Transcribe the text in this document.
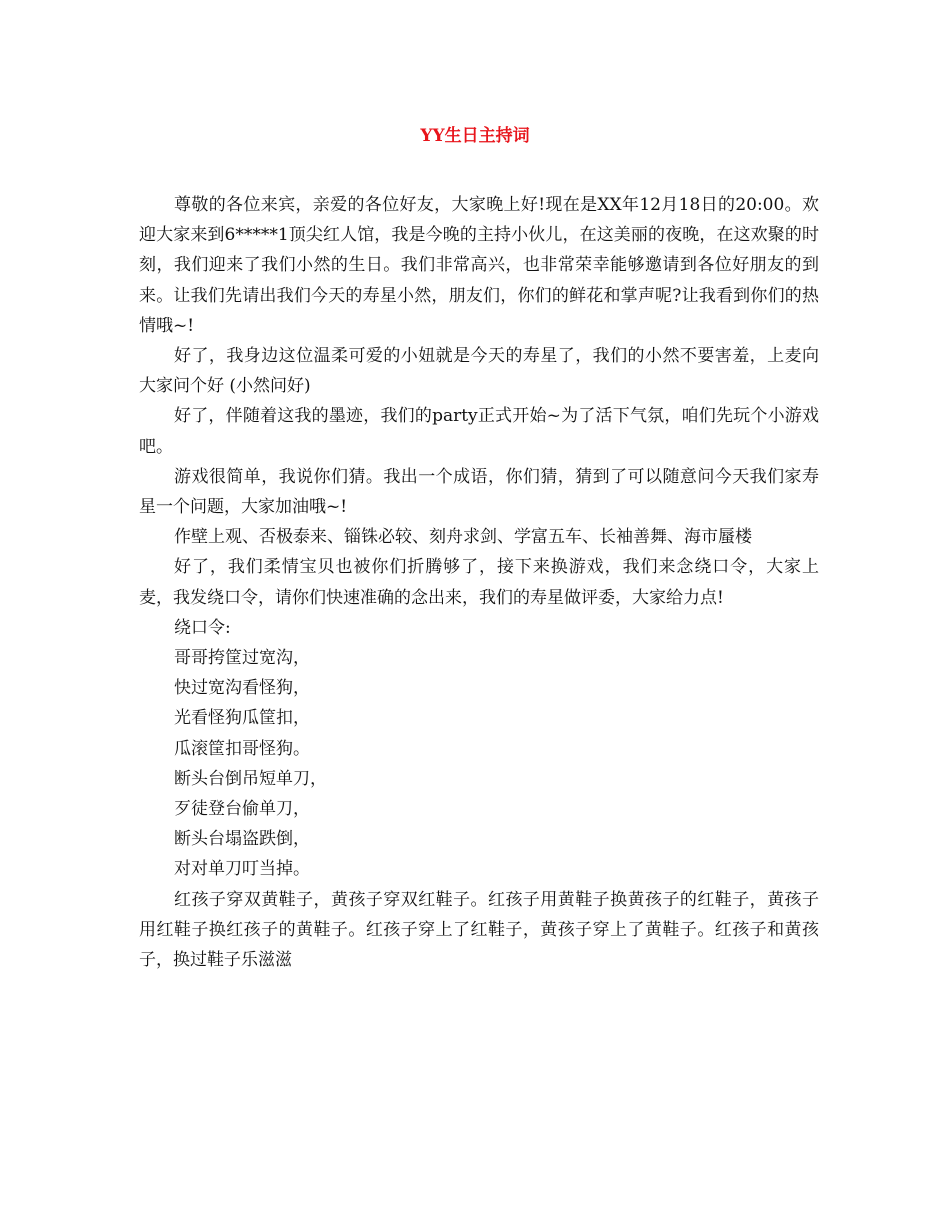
YY生日主持词

尊敬的各位来宾，亲爱的各位好友，大家晚上好!现在是XX年12月18日的20:00。欢迎大家来到6*****1顶尖红人馆，我是今晚的主持小伙儿，在这美丽的夜晚，在这欢聚的时刻，我们迎来了我们小然的生日。我们非常高兴，也非常荣幸能够邀请到各位好朋友的到来。让我们先请出我们今天的寿星小然，朋友们，你们的鲜花和掌声呢?让我看到你们的热情哦~!

好了，我身边这位温柔可爱的小妞就是今天的寿星了，我们的小然不要害羞，上麦向大家问个好 (小然问好)

好了，伴随着这我的墨迹，我们的party正式开始~为了活下气氛，咱们先玩个小游戏吧。

游戏很简单，我说你们猜。我出一个成语，你们猜，猜到了可以随意问今天我们家寿星一个问题，大家加油哦~!

作壁上观、否极泰来、锱铢必较、刻舟求剑、学富五车、长袖善舞、海市蜃楼

好了，我们柔情宝贝也被你们折腾够了，接下来换游戏，我们来念绕口令，大家上麦，我发绕口令，请你们快速准确的念出来，我们的寿星做评委，大家给力点!

绕口令:

哥哥挎筐过宽沟，

快过宽沟看怪狗，

光看怪狗瓜筐扣，

瓜滚筐扣哥怪狗。

断头台倒吊短单刀，

歹徒登台偷单刀，

断头台塌盗跌倒，

对对单刀叮当掉。

红孩子穿双黄鞋子，黄孩子穿双红鞋子。红孩子用黄鞋子换黄孩子的红鞋子，黄孩子用红鞋子换红孩子的黄鞋子。红孩子穿上了红鞋子，黄孩子穿上了黄鞋子。红孩子和黄孩子，换过鞋子乐滋滋
